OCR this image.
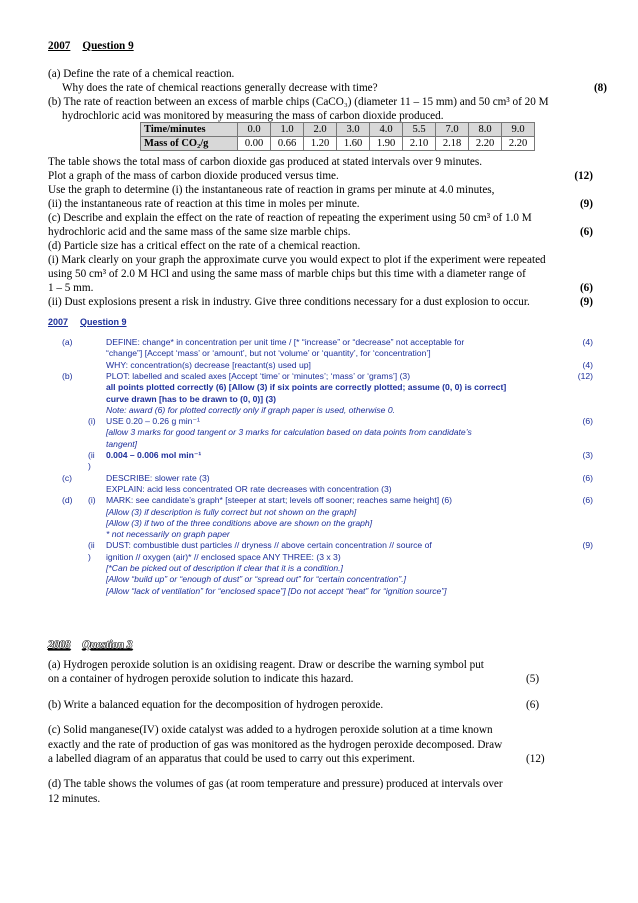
2007 Question 9
(a) Define the rate of a chemical reaction.
Why does the rate of chemical reactions generally decrease with time?	(8)
(b) The rate of reaction between an excess of marble chips (CaCO₃) (diameter 11 – 15 mm) and 50 cm³ of 20 M
hydrochloric acid was monitored by measuring the mass of carbon dioxide produced.
Time/minutes	0.0	1.0	2.0	3.0	4.0	5.5	7.0	8.0	9.0
Mass of CO₂/g	0.00	0.66	1.20	1.60	1.90	2.10	2.18	2.20	2.20
The table shows the total mass of carbon dioxide gas produced at stated intervals over 9 minutes.
Plot a graph of the mass of carbon dioxide produced versus time.	(12)
Use the graph to determine (i) the instantaneous rate of reaction in grams per minute at 4.0 minutes,
(ii) the instantaneous rate of reaction at this time in moles per minute.	(9)
(c) Describe and explain the effect on the rate of reaction of repeating the experiment using 50 cm³ of 1.0 M
hydrochloric acid and the same mass of the same size marble chips.	(6)
(d) Particle size has a critical effect on the rate of a chemical reaction.
(i) Mark clearly on your graph the approximate curve you would expect to plot if the experiment were repeated
using 50 cm³ of 2.0 M HCl and using the same mass of marble chips but this time with a diameter range of
1 – 5 mm.	(6)
(ii) Dust explosions present a risk in industry. Give three conditions necessary for a dust explosion to occur.	(9)
2007 Question 9
(a)	DEFINE: change* in concentration per unit time / [* “increase” or “decrease” not acceptable for	(4)
“change”] [Accept ‘mass’ or ‘amount’, but not ‘volume’ or ‘quantity’, for ‘concentration’]
WHY: concentration(s) decrease [reactant(s) used up]	(4)
(b)	PLOT: labelled and scaled axes [Accept ‘time’ or ‘minutes’; ‘mass’ or ‘grams’] (3)	(12)
all points plotted correctly (6) [Allow (3) if six points are correctly plotted; assume (0, 0) is correct]
curve drawn [has to be drawn to (0, 0)] (3)
Note: award (6) for plotted correctly only if graph paper is used, otherwise 0.
(i) USE 0.20 – 0.26 g min⁻¹	(6)
[allow 3 marks for good tangent or 3 marks for calculation based on data points from candidate’s
tangent]
(ii 0.004 – 0.006 mol min⁻¹	(3)
)
(c)	DESCRIBE: slower rate (3)	(6)
EXPLAIN: acid less concentrated OR rate decreases with concentration (3)
(d) (i) MARK: see candidate’s graph* [steeper at start; levels off sooner; reaches same height] (6)	(6)
[Allow (3) if description is fully correct but not shown on the graph]
[Allow (3) if two of the three conditions above are shown on the graph]
* not necessarily on graph paper
(ii DUST: combustible dust particles // dryness // above certain concentration // source of	(9)
) ignition // oxygen (air)* // enclosed space ANY THREE: (3 x 3)
[*Can be picked out of description if clear that it is a condition.]
[Allow “build up” or “enough of dust” or “spread out” for “certain concentration”.]
[Allow “lack of ventilation” for “enclosed space”] [Do not accept “heat” for “ignition source”]
2008 Question 3
(a) Hydrogen peroxide solution is an oxidising reagent. Draw or describe the warning symbol put
on a container of hydrogen peroxide solution to indicate this hazard.	(5)
(b) Write a balanced equation for the decomposition of hydrogen peroxide.	(6)
(c) Solid manganese(IV) oxide catalyst was added to a hydrogen peroxide solution at a time known
exactly and the rate of production of gas was monitored as the hydrogen peroxide decomposed. Draw
a labelled diagram of an apparatus that could be used to carry out this experiment.	(12)
(d) The table shows the volumes of gas (at room temperature and pressure) produced at intervals over
12 minutes.
